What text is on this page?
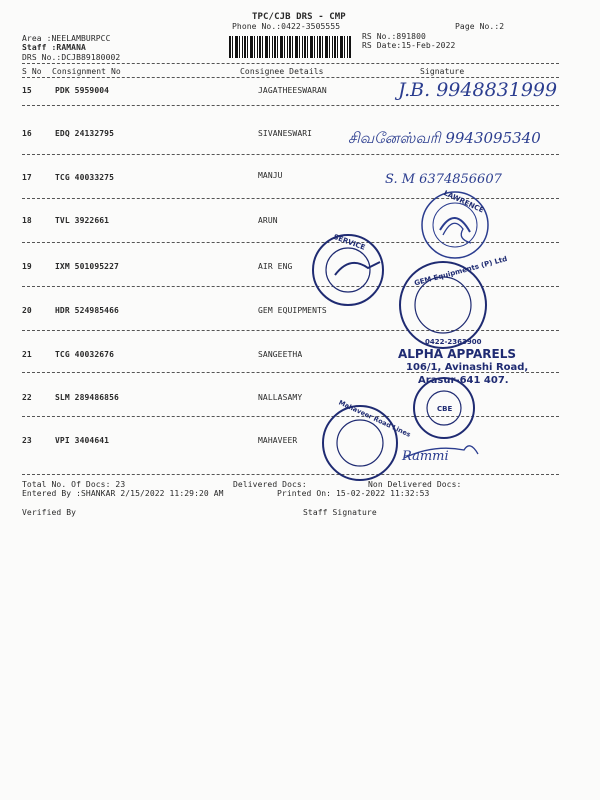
TPC/CJB DRS - CMP
Phone No.:0422-3505555	Page No.:2
Area :NEELAMBURPCC
Staff :RAMANA
DRS No.:DCJB89180002
RS No.:891800
RS Date:15-Feb-2022
S No Consignment No	Consignee Details	Signature
15	PDK 5959004	JAGATHEESWARAN	J.B. 9948831999
16	EDQ 24132795	SIVANESWARI சிவனேஸ்வரி 9943095340
17	TCG 40033275	MANJU	S. M 6374856607
18	TVL 3922661	ARUN
19	IXM 501095227	AIR ENG
20	HDR 524985466	GEM EQUIPMENTS
21	TCG 40032676	SANGEETHA
22	SLM 289486856	NALLASAMY
23	VPI 3404641	MAHAVEER
Rammi
Total No. Of Docs: 23	Delivered Docs:	Non Delivered Docs:
Entered By :SHANKAR 2/15/2022 11:29:20 AM	Printed On: 15-02-2022 11:32:53
Verified By	Staff Signature
LAWRENCE
SERVICE
GEM Equipments (P) Ltd
0422-2363900
CBE
Mahaveer Road Lines
ALPHA APPARELS
106/1, Avinashi Road,
Arasur-641 407.
